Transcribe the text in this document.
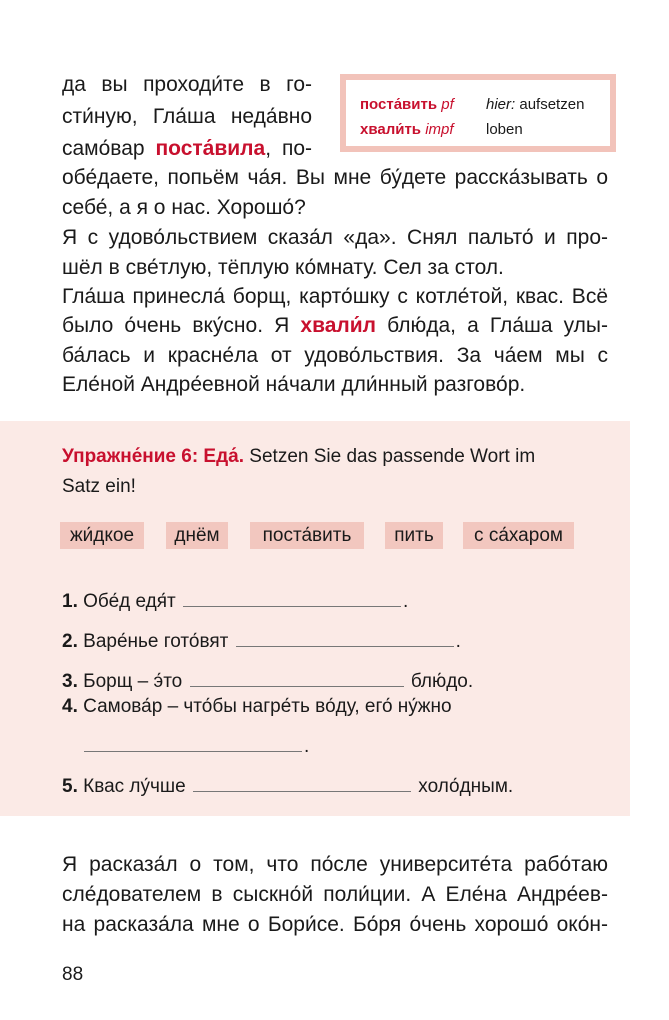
да вы проходи́те в го-
сти́ную, Гла́ша неда́вно
само́вар поста́вила, по-
обе́даете, попьём ча́я. Вы мне бу́дете расска́зывать о
себе́, а я о нас. Хорошо́?
Я с удово́льствием сказа́л «да». Снял пальто́ и про-
шёл в све́тлую, тёплую ко́мнату. Сел за стол.
Гла́ша принесла́ борщ, карто́шку с котле́той, квас. Всё
было о́чень вку́сно. Я хвали́л блю́да, а Гла́ша улы-
ба́лась и красне́ла от удово́льствия. За ча́ем мы с
Еле́ной Андре́евной на́чали дли́нный разгово́р.
поста́вить pf hier: aufsetzen
хвали́ть impf loben
Упражне́ние 6: Еда́. Setzen Sie das passende Wort im
Satz ein!
жи́дкое	днём	поста́вить	пить	с са́харом
1. Обе́д едя́т	.
2. Варе́нье гото́вят	.
3. Борщ – э́то	блю́до.
4. Самова́р – что́бы нагре́ть во́ду, его́ ну́жно
.
5. Квас лу́чше	холо́дным.
Я расказа́л о том, что по́сле университе́та рабо́таю
сле́дователем в сыскно́й поли́ции. А Еле́на Андре́ев-
на расказа́ла мне о Бори́се. Бо́ря о́чень хорошо́ око́н-
88
